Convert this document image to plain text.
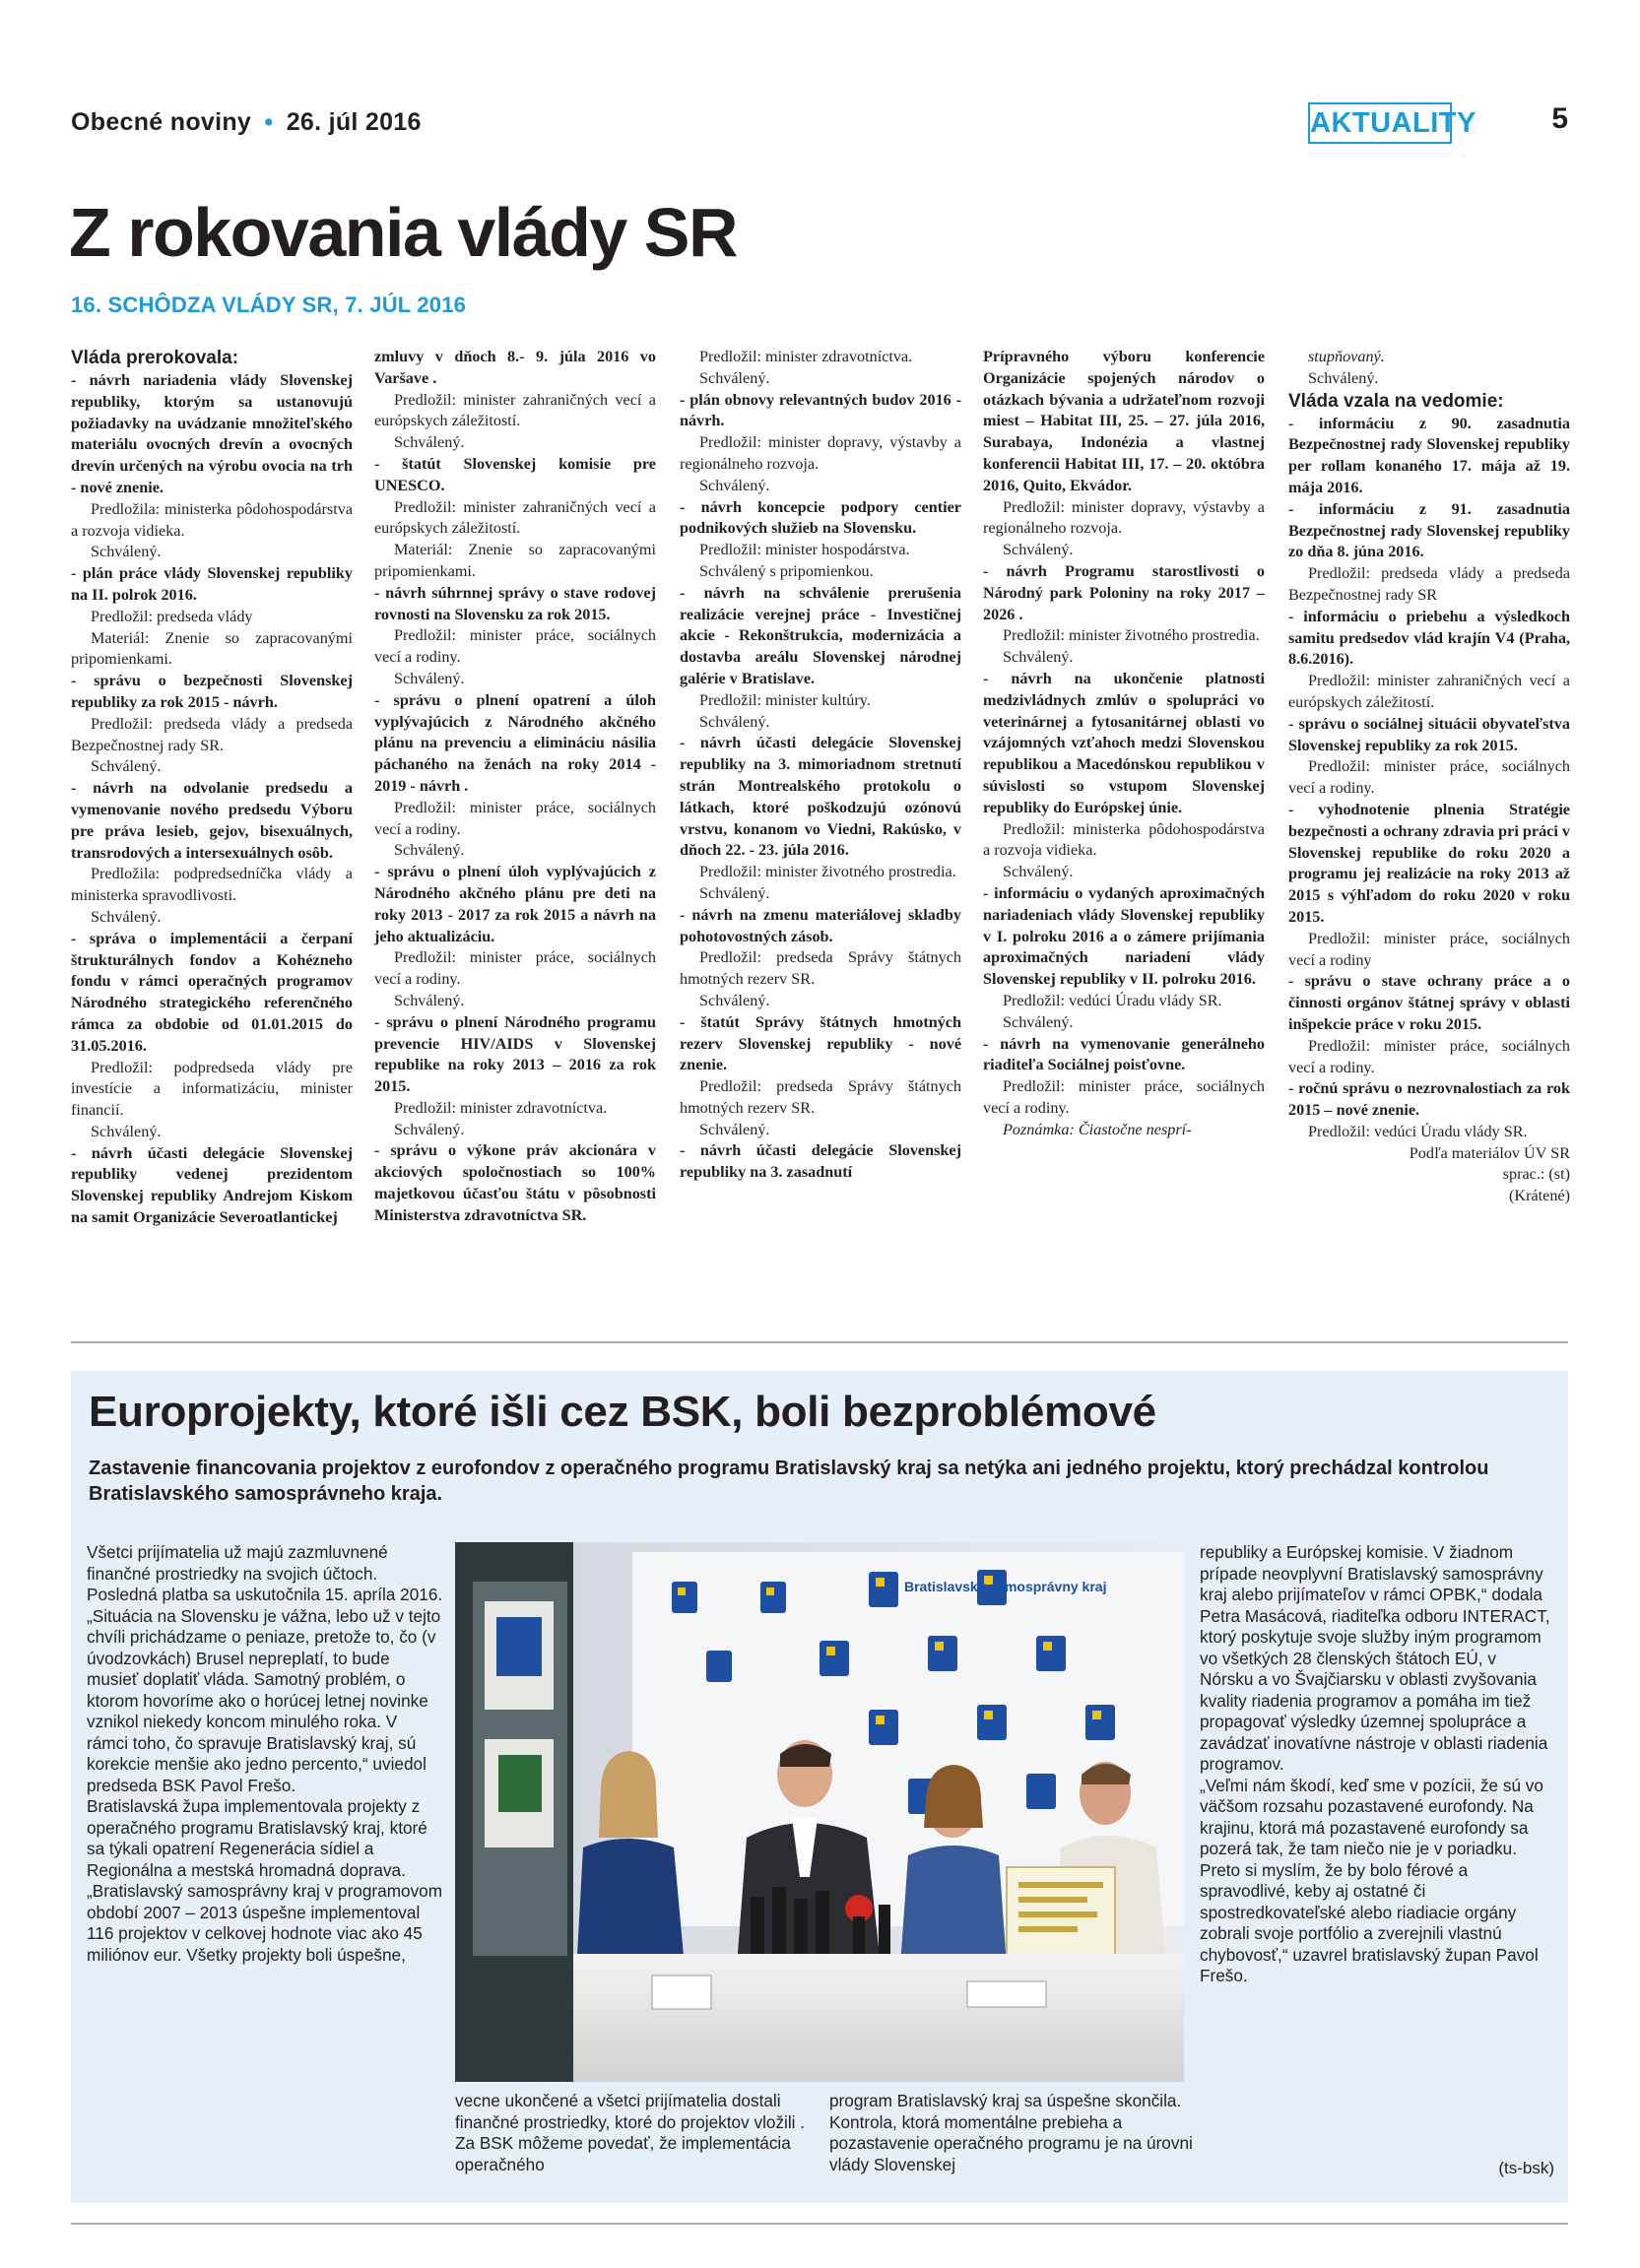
Obecné noviny • 26. júl 2016	AKTUALITY	5
Z rokovania vlády SR
16. SCHÔDZA VLÁDY SR, 7. JÚL 2016

Vláda prerokovala:

- návrh nariadenia vlády Slovenskej republiky, ktorým sa ustanovujú požiadavky na uvádzanie množiteľského materiálu ovocných drevín a ovocných drevín určených na výrobu ovocia na trh - nové znenie.

Predložila: ministerka pôdohospodárstva a rozvoja vidieka.

Schválený.

- plán práce vlády Slovenskej republiky na II. polrok 2016.

Predložil: predseda vlády

Materiál: Znenie so zapracovanými pripomienkami.

- správu o bezpečnosti Slovenskej republiky za rok 2015 - návrh.

Predložil: predseda vlády a predseda Bezpečnostnej rady SR.

Schválený.

- návrh na odvolanie predsedu a vymenovanie nového predsedu Výboru pre práva lesieb, gejov, bisexuálnych, transrodových a intersexuálnych osôb.

Predložila: podpredsedníčka vlády a ministerka spravodlivosti.

Schválený.

- správa o implementácii a čerpaní štrukturálnych fondov a Kohézneho fondu v rámci operačných programov Národného strategického referenčného rámca za obdobie od 01.01.2015 do 31.05.2016.

Predložil: podpredseda vlády pre investície a informatizáciu, minister financií.

Schválený.

- návrh účasti delegácie Slovenskej republiky vedenej prezidentom Slovenskej republiky Andrejom Kiskom na samit Organizácie Severoatlantickej

zmluvy v dňoch 8.- 9. júla 2016 vo Varšave .

Predložil: minister zahraničných vecí a európskych záležitostí.

Schválený.

- štatút Slovenskej komisie pre UNESCO.

Predložil: minister zahraničných vecí a európskych záležitostí.

Materiál: Znenie so zapracovanými pripomienkami.

- návrh súhrnnej správy o stave rodovej rovnosti na Slovensku za rok 2015.

Predložil: minister práce, sociálnych vecí a rodiny.

Schválený.

- správu o plnení opatrení a úloh vyplývajúcich z Národného akčného plánu na prevenciu a elimináciu násilia páchaného na ženách na roky 2014 - 2019 - návrh .

Predložil: minister práce, sociálnych vecí a rodiny.

Schválený.

- správu o plnení úloh vyplývajúcich z Národného akčného plánu pre deti na roky 2013 - 2017 za rok 2015 a návrh na jeho aktualizáciu.

Predložil: minister práce, sociálnych vecí a rodiny.

Schválený.

- správu o plnení Národného programu prevencie HIV/AIDS v Slovenskej republike na roky 2013 – 2016 za rok 2015.

Predložil: minister zdravotníctva.

Schválený.

- správu o výkone práv akcionára v akciových spoločnostiach so 100% majetkovou účasťou štátu v pôsobnosti Ministerstva zdravotníctva SR.

Predložil: minister zdravotníctva.

Schválený.

- plán obnovy relevantných budov 2016 - návrh.

Predložil: minister dopravy, výstavby a regionálneho rozvoja.

Schválený.

- návrh koncepcie podpory centier podnikových služieb na Slovensku.

Predložil: minister hospodárstva.

Schválený s pripomienkou.

- návrh na schválenie prerušenia realizácie verejnej práce - Investičnej akcie - Rekonštrukcia, modernizácia a dostavba areálu Slovenskej národnej galérie v Bratislave.

Predložil: minister kultúry.

Schválený.

- návrh účasti delegácie Slovenskej republiky na 3. mimoriadnom stretnutí strán Montrealského protokolu o látkach, ktoré poškodzujú ozónovú vrstvu, konanom vo Viedni, Rakúsko, v dňoch 22. - 23. júla 2016.

Predložil: minister životného prostredia.

Schválený.

- návrh na zmenu materiálovej skladby pohotovostných zásob.

Predložil: predseda Správy štátnych hmotných rezerv SR.

Schválený.

- štatút Správy štátnych hmotných rezerv Slovenskej republiky - nové znenie.

Predložil: predseda Správy štátnych hmotných rezerv SR.

Schválený.

- návrh účasti delegácie Slovenskej republiky na 3. zasadnutí

Prípravného výboru konferencie Organizácie spojených národov o otázkach bývania a udržateľnom rozvoji miest – Habitat III, 25. – 27. júla 2016, Surabaya, Indonézia a vlastnej konferencii Habitat III, 17. – 20. októbra 2016, Quito, Ekvádor.

Predložil: minister dopravy, výstavby a regionálneho rozvoja.

Schválený.

- návrh Programu starostlivosti o Národný park Poloniny na roky 2017 – 2026 .

Predložil: minister životného prostredia.

Schválený.

- návrh na ukončenie platnosti medzivládnych zmlúv o spolupráci vo veterinárnej a fytosanitárnej oblasti vo vzájomných vzťahoch medzi Slovenskou republikou a Macedónskou republikou v súvislosti so vstupom Slovenskej republiky do Európskej únie.

Predložil: ministerka pôdohospodárstva a rozvoja vidieka.

Schválený.

- informáciu o vydaných aproximačných nariadeniach vlády Slovenskej republiky v I. polroku 2016 a o zámere prijímania aproximačných nariadení vlády Slovenskej republiky v II. polroku 2016.

Predložil: vedúci Úradu vlády SR.

Schválený.

- návrh na vymenovanie generálneho riaditeľa Sociálnej poisťovne.

Predložil: minister práce, sociálnych vecí a rodiny.

Poznámka: Čiastočne nesprí-

stupňovaný.

Schválený.

Vláda vzala na vedomie:

- informáciu z 90. zasadnutia Bezpečnostnej rady Slovenskej republiky per rollam konaného 17. mája až 19. mája 2016.

- informáciu z 91. zasadnutia Bezpečnostnej rady Slovenskej republiky zo dňa 8. júna 2016.

Predložil: predseda vlády a predseda Bezpečnostnej rady SR

- informáciu o priebehu a výsledkoch samitu predsedov vlád krajín V4 (Praha, 8.6.2016).

Predložil: minister zahraničných vecí a európskych záležitostí.

- správu o sociálnej situácii obyvateľstva Slovenskej republiky za rok 2015.

Predložil: minister práce, sociálnych vecí a rodiny.

- vyhodnotenie plnenia Stratégie bezpečnosti a ochrany zdravia pri práci v Slovenskej republike do roku 2020 a programu jej realizácie na roky 2013 až 2015 s výhľadom do roku 2020 v roku 2015.

Predložil: minister práce, sociálnych vecí a rodiny

- správu o stave ochrany práce a o činnosti orgánov štátnej správy v oblasti inšpekcie práce v roku 2015.

Predložil: minister práce, sociálnych vecí a rodiny.

- ročnú správu o nezrovnalostiach za rok 2015 – nové znenie.

Predložil: vedúci Úradu vlády SR.

Podľa materiálov ÚV SR

sprac.: (st)

(Krátené)

Europrojekty, ktoré išli cez BSK, boli bezproblémové
Zastavenie financovania projektov z eurofondov z operačného programu Bratislavský kraj sa netýka ani jedného projektu, ktorý prechádzal kontrolou Bratislavského samosprávneho kraja.

Všetci prijímatelia už majú zazmluvnené finančné prostriedky na svojich účtoch. Posledná platba sa uskutočnila 15. apríla 2016.

„Situácia na Slovensku je vážna, lebo už v tejto chvíli prichádzame o peniaze, pretože to, čo (v úvodzovkách) Brusel nepreplatí, to bude musieť doplatiť vláda. Samotný problém, o ktorom hovoríme ako o horúcej letnej novinke vznikol niekedy koncom minulého roka. V rámci toho, čo spravuje Bratislavský kraj, sú korekcie menšie ako jedno percento,“ uviedol predseda BSK Pavol Frešo.

Bratislavská župa implementovala projekty z operačného programu Bratislavský kraj, ktoré sa týkali opatrení Regenerácia sídiel a Regionálna a mestská hromadná doprava.

„Bratislavský samosprávny kraj v programovom období 2007 – 2013 úspešne implementoval 116 projektov v celkovej hodnote viac ako 45 miliónov eur. Všetky projekty boli úspešne,

Bratislavský samosprávny kraj
vecne ukončené a všetci prijímatelia dostali finančné prostriedky, ktoré do projektov vložili . Za BSK môžeme povedať, že implementácia operačného
program Bratislavský kraj sa úspešne skončila. Kontrola, ktorá momentálne prebieha a pozastavenie operačného programu je na úrovni vlády Slovenskej

republiky a Európskej komisie. V žiadnom prípade neovplyvní Bratislavský samosprávny kraj alebo prijímateľov v rámci OPBK,“ dodala Petra Masácová, riaditeľka odboru INTERACT, ktorý poskytuje svoje služby iným programom vo všetkých 28 členských štátoch EÚ, v Nórsku a vo Švajčiarsku v oblasti zvyšovania kvality riadenia programov a pomáha im tiež propagovať výsledky územnej spolupráce a zavádzať inovatívne nástroje v oblasti riadenia programov.

„Veľmi nám škodí, keď sme v pozícii, že sú vo väčšom rozsahu pozastavené eurofondy. Na krajinu, ktorá má pozastavené eurofondy sa pozerá tak, že tam niečo nie je v poriadku. Preto si myslím, že by bolo férové a spravodlivé, keby aj ostatné či spostredkovateľské alebo riadiacie orgány zobrali svoje portfólio a zverejnili vlastnú chybovosť,“ uzavrel bratislavský župan Pavol Frešo.

(ts-bsk)
